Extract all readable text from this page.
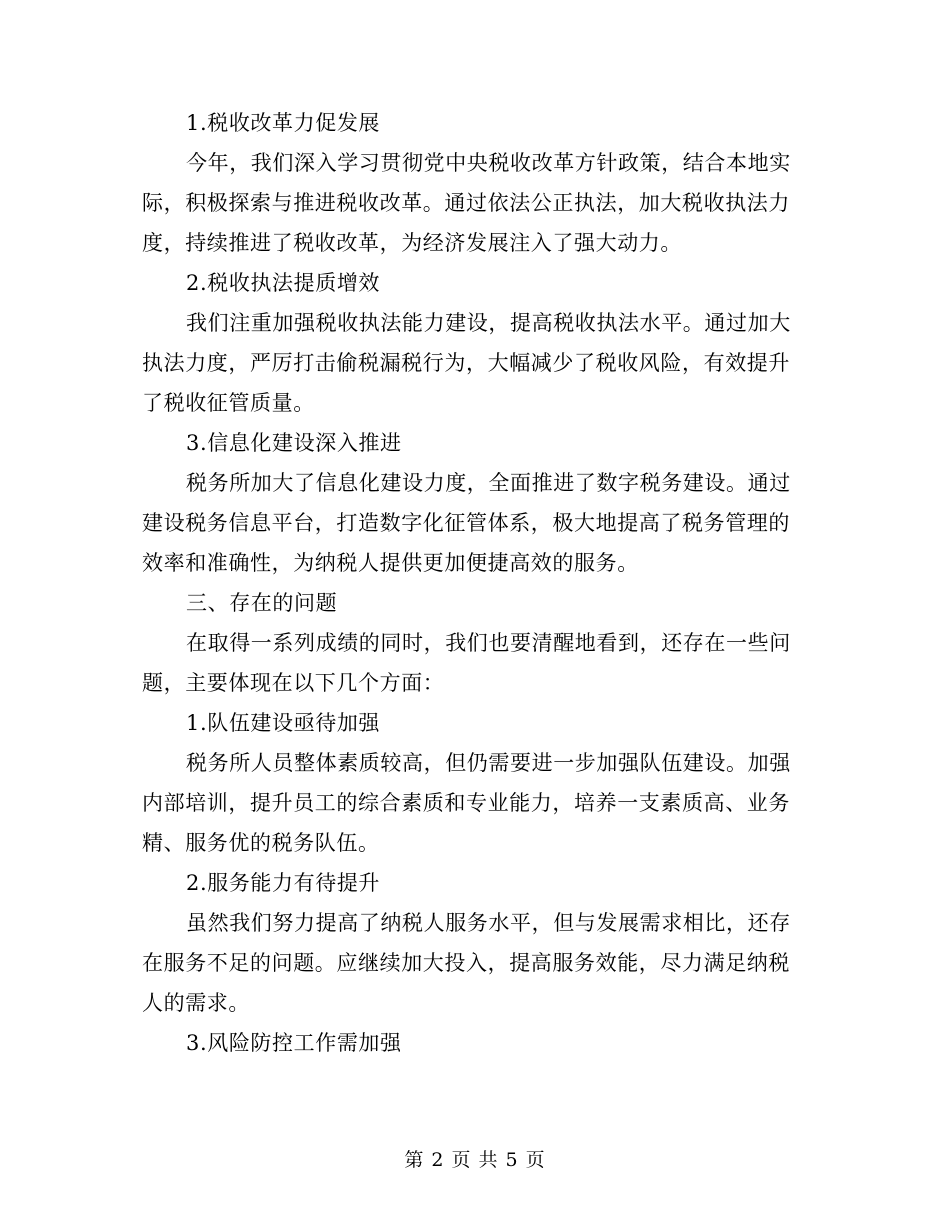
1.税收改革力促发展
今年，我们深入学习贯彻党中央税收改革方针政策，结合本地实
际，积极探索与推进税收改革。通过依法公正执法，加大税收执法力
度，持续推进了税收改革，为经济发展注入了强大动力。
2.税收执法提质增效
我们注重加强税收执法能力建设，提高税收执法水平。通过加大
执法力度，严厉打击偷税漏税行为，大幅减少了税收风险，有效提升
了税收征管质量。
3.信息化建设深入推进
税务所加大了信息化建设力度，全面推进了数字税务建设。通过
建设税务信息平台，打造数字化征管体系，极大地提高了税务管理的
效率和准确性，为纳税人提供更加便捷高效的服务。
三、存在的问题
在取得一系列成绩的同时，我们也要清醒地看到，还存在一些问
题，主要体现在以下几个方面：
1.队伍建设亟待加强
税务所人员整体素质较高，但仍需要进一步加强队伍建设。加强
内部培训，提升员工的综合素质和专业能力，培养一支素质高、业务
精、服务优的税务队伍。
2.服务能力有待提升
虽然我们努力提高了纳税人服务水平，但与发展需求相比，还存
在服务不足的问题。应继续加大投入，提高服务效能，尽力满足纳税
人的需求。
3.风险防控工作需加强
第 2 页 共 5 页
